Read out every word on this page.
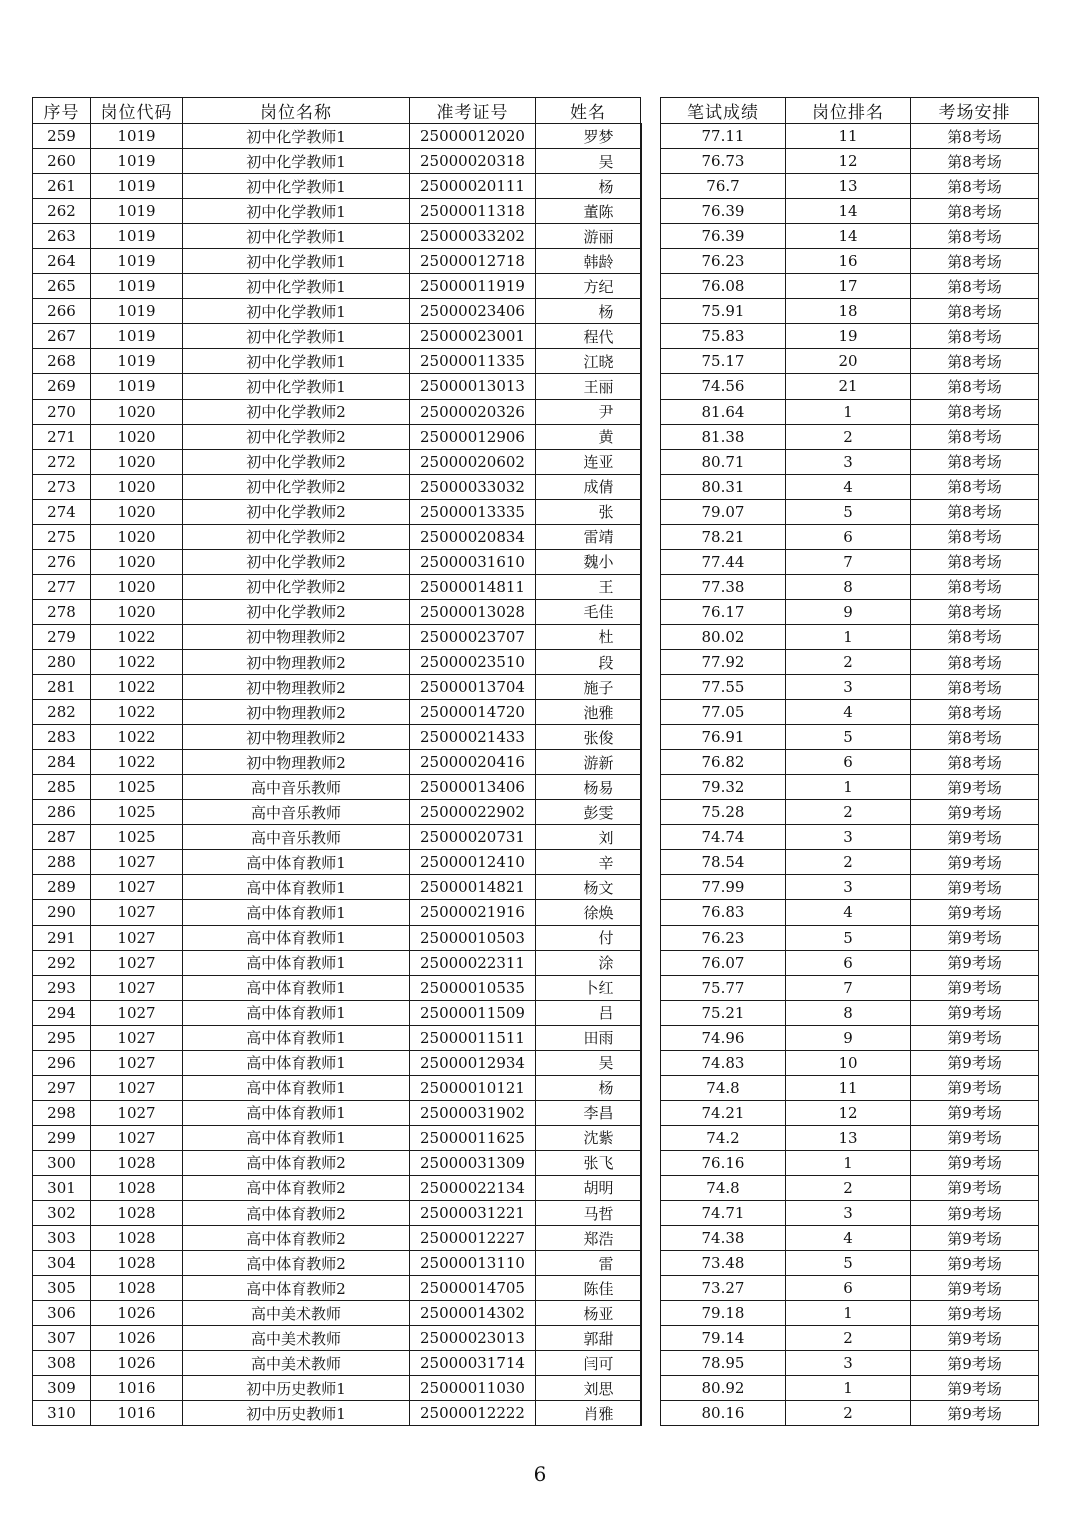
序号	岗位代码	岗位名称	准考证号	姓名		笔试成绩	岗位排名	考场安排
259	1019	初中化学教师1	25000012020	罗梦		77.11	11	第8考场
260	1019	初中化学教师1	25000020318	吴		76.73	12	第8考场
261	1019	初中化学教师1	25000020111	杨		76.7	13	第8考场
262	1019	初中化学教师1	25000011318	董陈		76.39	14	第8考场
263	1019	初中化学教师1	25000033202	游丽		76.39	14	第8考场
264	1019	初中化学教师1	25000012718	韩龄		76.23	16	第8考场
265	1019	初中化学教师1	25000011919	方纪		76.08	17	第8考场
266	1019	初中化学教师1	25000023406	杨		75.91	18	第8考场
267	1019	初中化学教师1	25000023001	程代		75.83	19	第8考场
268	1019	初中化学教师1	25000011335	江晓		75.17	20	第8考场
269	1019	初中化学教师1	25000013013	王丽		74.56	21	第8考场
270	1020	初中化学教师2	25000020326	尹		81.64	1	第8考场
271	1020	初中化学教师2	25000012906	黄		81.38	2	第8考场
272	1020	初中化学教师2	25000020602	连亚		80.71	3	第8考场
273	1020	初中化学教师2	25000033032	成倩		80.31	4	第8考场
274	1020	初中化学教师2	25000013335	张		79.07	5	第8考场
275	1020	初中化学教师2	25000020834	雷靖		78.21	6	第8考场
276	1020	初中化学教师2	25000031610	魏小		77.44	7	第8考场
277	1020	初中化学教师2	25000014811	王		77.38	8	第8考场
278	1020	初中化学教师2	25000013028	毛佳		76.17	9	第8考场
279	1022	初中物理教师2	25000023707	杜		80.02	1	第8考场
280	1022	初中物理教师2	25000023510	段		77.92	2	第8考场
281	1022	初中物理教师2	25000013704	施子		77.55	3	第8考场
282	1022	初中物理教师2	25000014720	池雅		77.05	4	第8考场
283	1022	初中物理教师2	25000021433	张俊		76.91	5	第8考场
284	1022	初中物理教师2	25000020416	游新		76.82	6	第8考场
285	1025	高中音乐教师	25000013406	杨易		79.32	1	第9考场
286	1025	高中音乐教师	25000022902	彭雯		75.28	2	第9考场
287	1025	高中音乐教师	25000020731	刘		74.74	3	第9考场
288	1027	高中体育教师1	25000012410	辛		78.54	2	第9考场
289	1027	高中体育教师1	25000014821	杨文		77.99	3	第9考场
290	1027	高中体育教师1	25000021916	徐焕		76.83	4	第9考场
291	1027	高中体育教师1	25000010503	付		76.23	5	第9考场
292	1027	高中体育教师1	25000022311	涂		76.07	6	第9考场
293	1027	高中体育教师1	25000010535	卜红		75.77	7	第9考场
294	1027	高中体育教师1	25000011509	吕		75.21	8	第9考场
295	1027	高中体育教师1	25000011511	田雨		74.96	9	第9考场
296	1027	高中体育教师1	25000012934	吴		74.83	10	第9考场
297	1027	高中体育教师1	25000010121	杨		74.8	11	第9考场
298	1027	高中体育教师1	25000031902	李昌		74.21	12	第9考场
299	1027	高中体育教师1	25000011625	沈紫		74.2	13	第9考场
300	1028	高中体育教师2	25000031309	张飞		76.16	1	第9考场
301	1028	高中体育教师2	25000022134	胡明		74.8	2	第9考场
302	1028	高中体育教师2	25000031221	马哲		74.71	3	第9考场
303	1028	高中体育教师2	25000012227	郑浩		74.38	4	第9考场
304	1028	高中体育教师2	25000013110	雷		73.48	5	第9考场
305	1028	高中体育教师2	25000014705	陈佳		73.27	6	第9考场
306	1026	高中美术教师	25000014302	杨亚		79.18	1	第9考场
307	1026	高中美术教师	25000023013	郭甜		79.14	2	第9考场
308	1026	高中美术教师	25000031714	闫可		78.95	3	第9考场
309	1016	初中历史教师1	25000011030	刘思		80.92	1	第9考场
310	1016	初中历史教师1	25000012222	肖雅		80.16	2	第9考场
6
